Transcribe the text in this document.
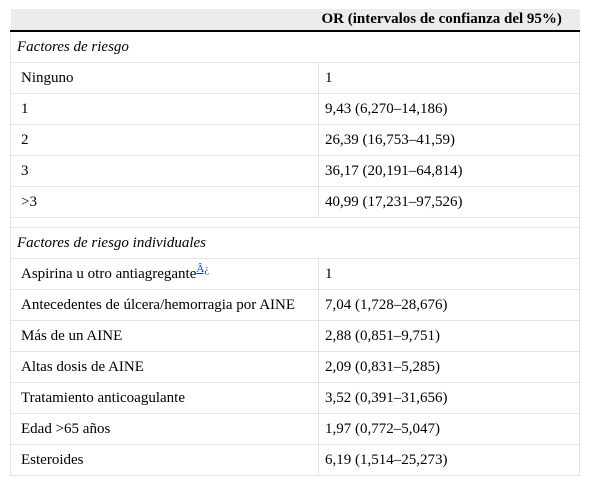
	OR (intervalos de confianza del 95%)
Factores de riesgo	
Ninguno	1
1	9,43 (6,270–14,186)
2	26,39 (16,753–41,59)
3	36,17 (20,191–64,814)
>3	40,99 (17,231–97,526)

Factores de riesgo individuales	
Aspirina u otro antiagregante$^{Â¿}$	1
Antecedentes de úlcera/hemorragia por AINE	7,04 (1,728–28,676)
Más de un AINE	2,88 (0,851–9,751)
Altas dosis de AINE	2,09 (0,831–5,285)
Tratamiento anticoagulante	3,52 (0,391–31,656)
Edad >65 años	1,97 (0,772–5,047)
Esteroides	6,19 (1,514–25,273)
